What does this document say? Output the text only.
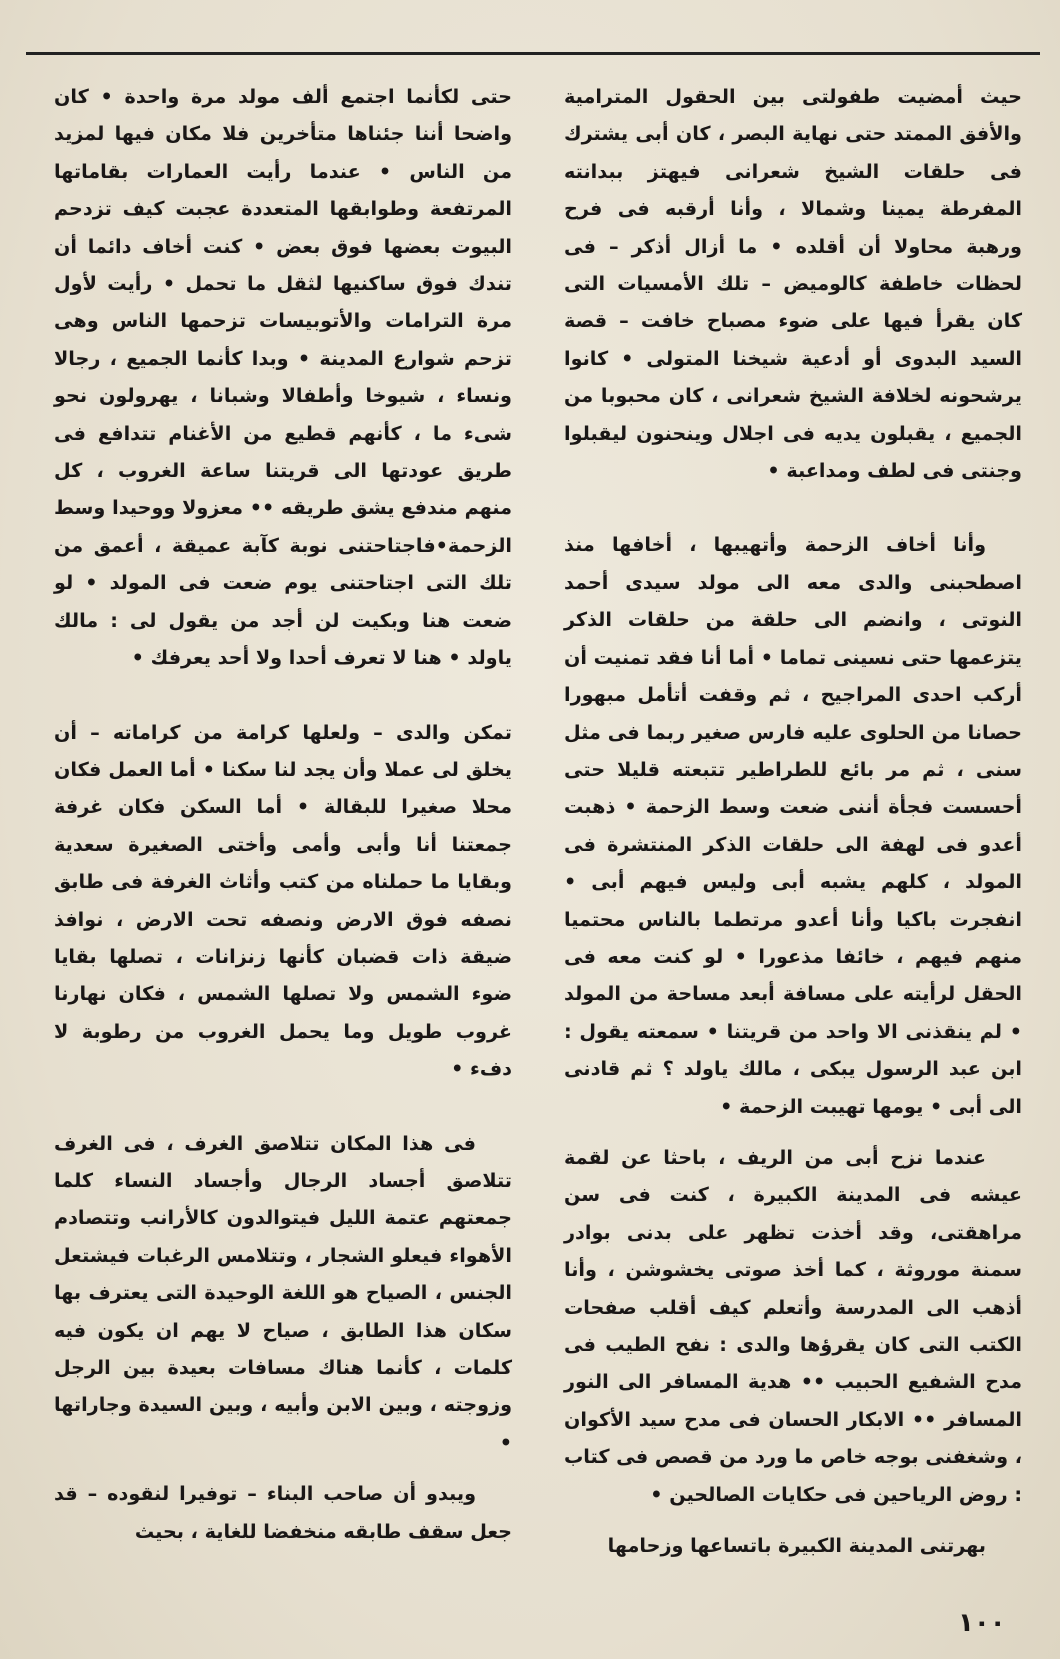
حيث أمضيت طفولتى بين الحقول المترامية والأفق الممتد حتى نهاية البصر ، كان أبى يشترك فى حلقات الشيخ شعرانى فيهتز ببدانته المفرطة يمينا وشمالا ، وأنا أرقبه فى فرح ورهبة محاولا أن أقلده • ما أزال أذكر – فى لحظات خاطفة كالوميض – تلك الأمسيات التى كان يقرأ فيها على ضوء مصباح خافت – قصة السيد البدوى أو أدعية شيخنا المتولى • كانوا يرشحونه لخلافة الشيخ شعرانى ، كان محبوبا من الجميع ، يقبلون يديه فى اجلال وينحنون ليقبلوا وجنتى فى لطف ومداعبة •

وأنا أخاف الزحمة وأتهيبها ، أخافها منذ اصطحبنى والدى معه الى مولد سيدى أحمد النوتى ، وانضم الى حلقة من حلقات الذكر يتزعمها حتى نسينى تماما • أما أنا فقد تمنيت أن أركب احدى المراجيح ، ثم وقفت أتأمل مبهورا حصانا من الحلوى عليه فارس صغير ربما فى مثل سنى ، ثم مر بائع للطراطير تتبعته قليلا حتى أحسست فجأة أننى ضعت وسط الزحمة • ذهبت أعدو فى لهفة الى حلقات الذكر المنتشرة فى المولد ، كلهم يشبه أبى وليس فيهم أبى • انفجرت باكيا وأنا أعدو مرتطما بالناس محتميا منهم فيهم ، خائفا مذعورا • لو كنت معه فى الحقل لرأيته على مسافة أبعد مساحة من المولد • لم ينقذنى الا واحد من قريتنا • سمعته يقول : ابن عبد الرسول يبكى ، مالك ياولد ؟ ثم قادنى الى أبى • يومها تهيبت الزحمة •

عندما نزح أبى من الريف ، باحثا عن لقمة عيشه فى المدينة الكبيرة ، كنت فى سن مراهقتى، وقد أخذت تظهر على بدنى بوادر سمنة موروثة ، كما أخذ صوتى يخشوشن ، وأنا أذهب الى المدرسة وأتعلم كيف أقلب صفحات الكتب التى كان يقرؤها والدى : نفح الطيب فى مدح الشفيع الحبيب •• هدية المسافر الى النور المسافر •• الابكار الحسان فى مدح سيد الأكوان ، وشغفنى بوجه خاص ما ورد من قصص فى كتاب : روض الرياحين فى حكايات الصالحين •

بهرتنى المدينة الكبيرة باتساعها وزحامها

حتى لكأنما اجتمع ألف مولد مرة واحدة • كان واضحا أننا جئناها متأخرين فلا مكان فيها لمزيد من الناس • عندما رأيت العمارات بقاماتها المرتفعة وطوابقها المتعددة عجبت كيف تزدحم البيوت بعضها فوق بعض • كنت أخاف دائما أن تندك فوق ساكنيها لثقل ما تحمل • رأيت لأول مرة الترامات والأتوبيسات تزحمها الناس وهى تزحم شوارع المدينة • وبدا كأنما الجميع ، رجالا ونساء ، شيوخا وأطفالا وشبانا ، يهرولون نحو شىء ما ، كأنهم قطيع من الأغنام تتدافع فى طريق عودتها الى قريتنا ساعة الغروب ، كل منهم مندفع يشق طريقه •• معزولا ووحيدا وسط الزحمة•فاجتاحتنى نوبة كآبة عميقة ، أعمق من تلك التى اجتاحتنى يوم ضعت فى المولد • لو ضعت هنا وبكيت لن أجد من يقول لى : مالك ياولد • هنا لا تعرف أحدا ولا أحد يعرفك •

تمكن والدى – ولعلها كرامة من كراماته – أن يخلق لى عملا وأن يجد لنا سكنا • أما العمل فكان محلا صغيرا للبقالة • أما السكن فكان غرفة جمعتنا أنا وأبى وأمى وأختى الصغيرة سعدية وبقايا ما حملناه من كتب وأثاث الغرفة فى طابق نصفه فوق الارض ونصفه تحت الارض ، نوافذ ضيقة ذات قضبان كأنها زنزانات ، تصلها بقايا ضوء الشمس ولا تصلها الشمس ، فكان نهارنا غروب طويل وما يحمل الغروب من رطوبة لا دفء •

فى هذا المكان تتلاصق الغرف ، فى الغرف تتلاصق أجساد الرجال وأجساد النساء كلما جمعتهم عتمة الليل فيتوالدون كالأرانب وتتصادم الأهواء فيعلو الشجار ، وتتلامس الرغبات فيشتعل الجنس ، الصياح هو اللغة الوحيدة التى يعترف بها سكان هذا الطابق ، صياح لا يهم ان يكون فيه كلمات ، كأنما هناك مسافات بعيدة بين الرجل وزوجته ، وبين الابن وأبيه ، وبين السيدة وجاراتها •

ويبدو أن صاحب البناء – توفيرا لنقوده – قد جعل سقف طابقه منخفضا للغاية ، بحيث

١٠٠
